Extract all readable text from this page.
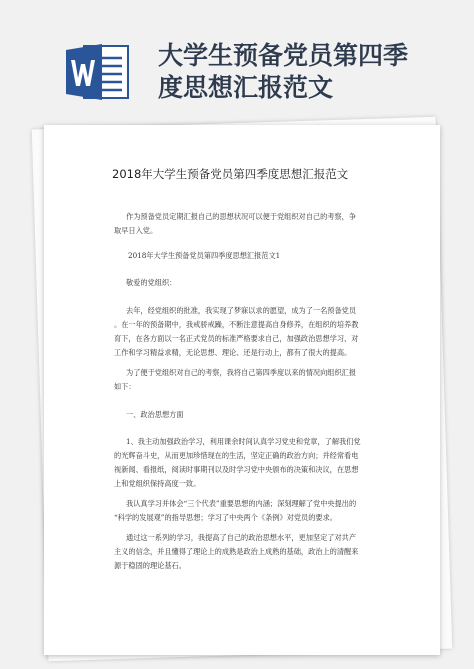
大学生预备党员第四季
度思想汇报范文
2018年大学生预备党员第四季度思想汇报范文

作为预备党员定期汇报自己的思想状况可以便于党组织对自己的考察，争
取早日入党。

2018年大学生预备党员第四季度思想汇报范文1

敬爱的党组织：

去年，经党组织的批准，我实现了梦寐以求的愿望，成为了一名预备党员
。在一年的预备期中，我戒骄戒躁，不断注意提高自身修养，在组织的培养教
育下，在各方面以一名正式党员的标准严格要求自己，加强政治思想学习、对
工作和学习精益求精，无论思想、理论、还是行动上，都有了很大的提高。

为了便于党组织对自己的考察，我将自己第四季度以来的情况向组织汇报
如下：

一、政治思想方面

1、我主动加强政治学习，利用课余时间认真学习党史和党章，了解我们党
的光辉奋斗史，从而更加珍惜现在的生活，坚定正确的政治方向；并经常看电
视新闻、看报纸，阅读时事期刊以及时学习党中央颁布的决策和决议，在思想
上和党组织保持高度一致。

我认真学习并体会“三个代表”重要思想的内涵；深刻理解了党中央提出的
“科学的发展观”的指导思想；学习了中央两个《条例》对党员的要求。

通过这一系列的学习，我提高了自己的政治思想水平，更加坚定了对共产
主义的信念，并且懂得了理论上的成熟是政治上成熟的基础，政治上的清醒来
源于稳固的理论基石。
